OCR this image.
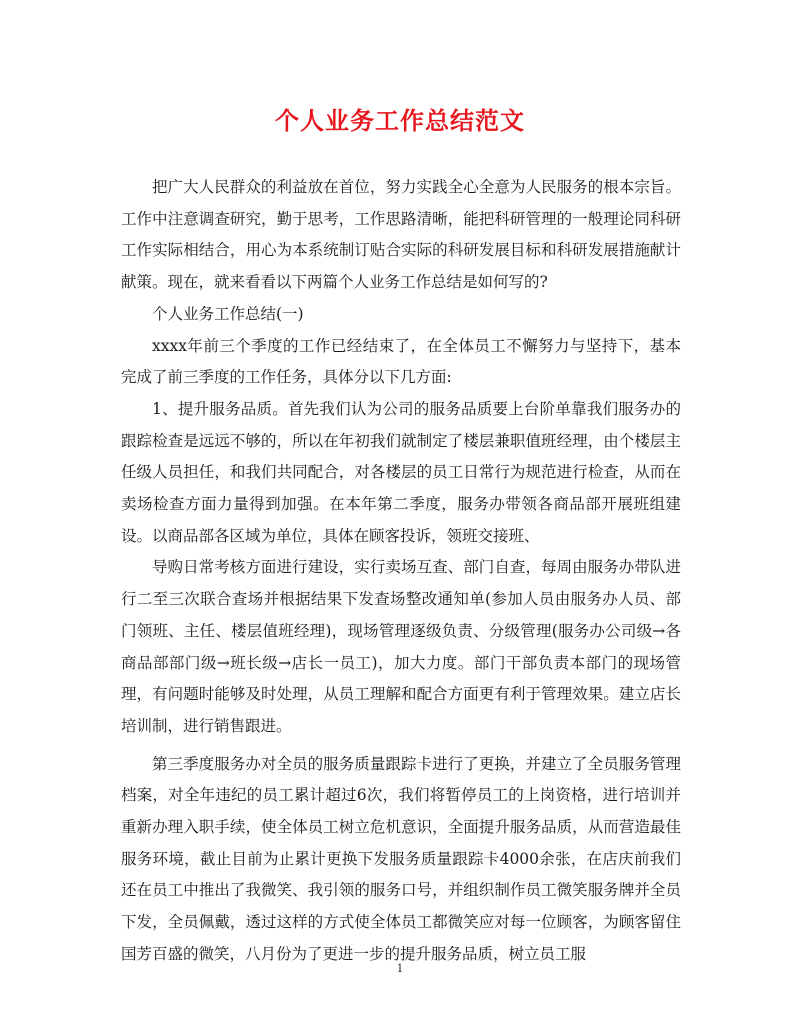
个人业务工作总结范文

把广大人民群众的利益放在首位，努力实践全心全意为人民服务的根本宗旨。工作中注意调查研究，勤于思考，工作思路清晰，能把科研管理的一般理论同科研工作实际相结合，用心为本系统制订贴合实际的科研发展目标和科研发展措施献计献策。现在，就来看看以下两篇个人业务工作总结是如何写的?

个人业务工作总结(一)

xxxx年前三个季度的工作已经结束了，在全体员工不懈努力与坚持下，基本完成了前三季度的工作任务，具体分以下几方面:

1、提升服务品质。首先我们认为公司的服务品质要上台阶单靠我们服务办的跟踪检查是远远不够的，所以在年初我们就制定了楼层兼职值班经理，由个楼层主任级人员担任，和我们共同配合，对各楼层的员工日常行为规范进行检查，从而在卖场检查方面力量得到加强。在本年第二季度，服务办带领各商品部开展班组建设。以商品部各区域为单位，具体在顾客投诉，领班交接班、

导购日常考核方面进行建设，实行卖场互查、部门自查，每周由服务办带队进行二至三次联合查场并根据结果下发查场整改通知单(参加人员由服务办人员、部门领班、主任、楼层值班经理)，现场管理逐级负责、分级管理(服务办公司级→各商品部部门级→班长级→店长一员工)，加大力度。部门干部负责本部门的现场管理，有问题时能够及时处理，从员工理解和配合方面更有利于管理效果。建立店长培训制，进行销售跟进。

第三季度服务办对全员的服务质量跟踪卡进行了更换，并建立了全员服务管理档案，对全年违纪的员工累计超过6次，我们将暂停员工的上岗资格，进行培训并重新办理入职手续，使全体员工树立危机意识，全面提升服务品质，从而营造最佳服务环境，截止目前为止累计更换下发服务质量跟踪卡4000余张，在店庆前我们还在员工中推出了我微笑、我引领的服务口号，并组织制作员工微笑服务牌并全员下发，全员佩戴，透过这样的方式使全体员工都微笑应对每一位顾客，为顾客留住国芳百盛的微笑，八月份为了更进一步的提升服务品质，树立员工服

1
